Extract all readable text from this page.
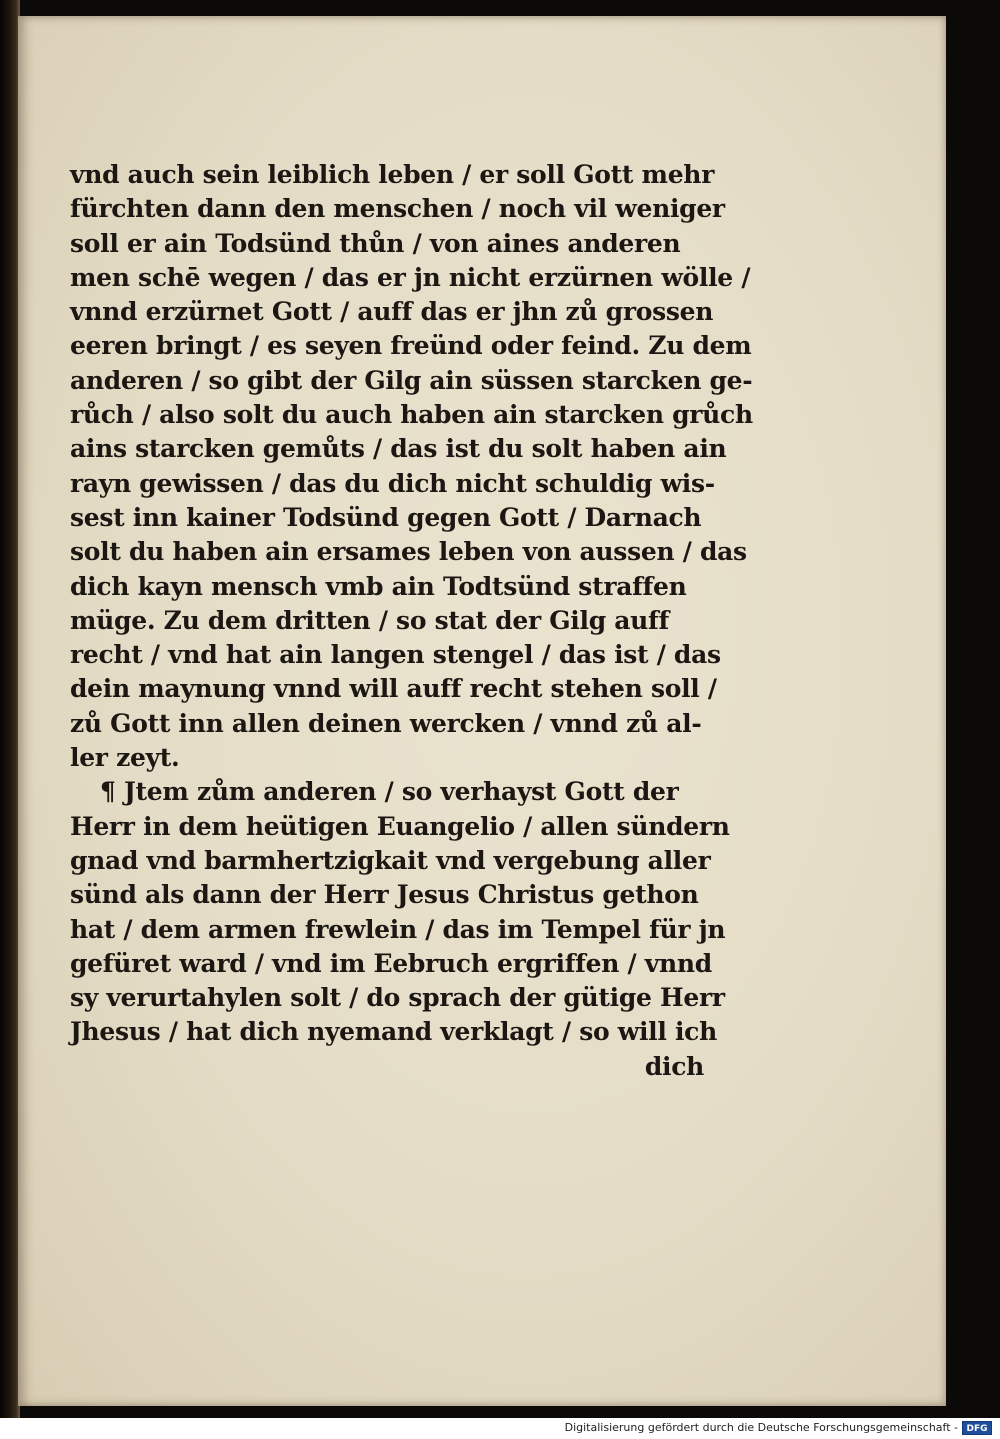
vnd auch sein leiblich leben / er soll Gott mehr
fürchten dann den menschen / noch vil weniger
soll er ain Todsünd thůn / von aines anderen
men schē wegen / das er jn nicht erzürnen wölle /
vnnd erzürnet Gott / auff das er jhn zů grossen
eeren bringt / es seyen freünd oder feind. Zu dem
anderen / so gibt der Gilg ain süssen starcken ge-
růch / also solt du auch haben ain starcken grůch
ains starcken gemůts / das ist du solt haben ain
rayn gewissen / das du dich nicht schuldig wis-
sest inn kainer Todsünd gegen Gott / Darnach
solt du haben ain ersames leben von aussen / das
dich kayn mensch vmb ain Todtsünd straffen
müge. Zu dem dritten / so stat der Gilg auff
recht / vnd hat ain langen stengel / das ist / das
dein maynung vnnd will auff recht stehen soll /
zů Gott inn allen deinen wercken / vnnd zů al-
ler zeyt.
¶ Jtem zům anderen / so verhayst Gott der
Herr in dem heütigen Euangelio / allen sündern
gnad vnd barmhertzigkait vnd vergebung aller
sünd als dann der Herr Jesus Christus gethon
hat / dem armen frewlein / das im Tempel für jn
gefüret ward / vnd im Eebruch ergriffen / vnnd
sy verurtahylen solt / do sprach der gütige Herr
Jhesus / hat dich nyemand verklagt / so will ich
dich
Digitalisierung gefördert durch die Deutsche Forschungsgemeinschaft - DFG
